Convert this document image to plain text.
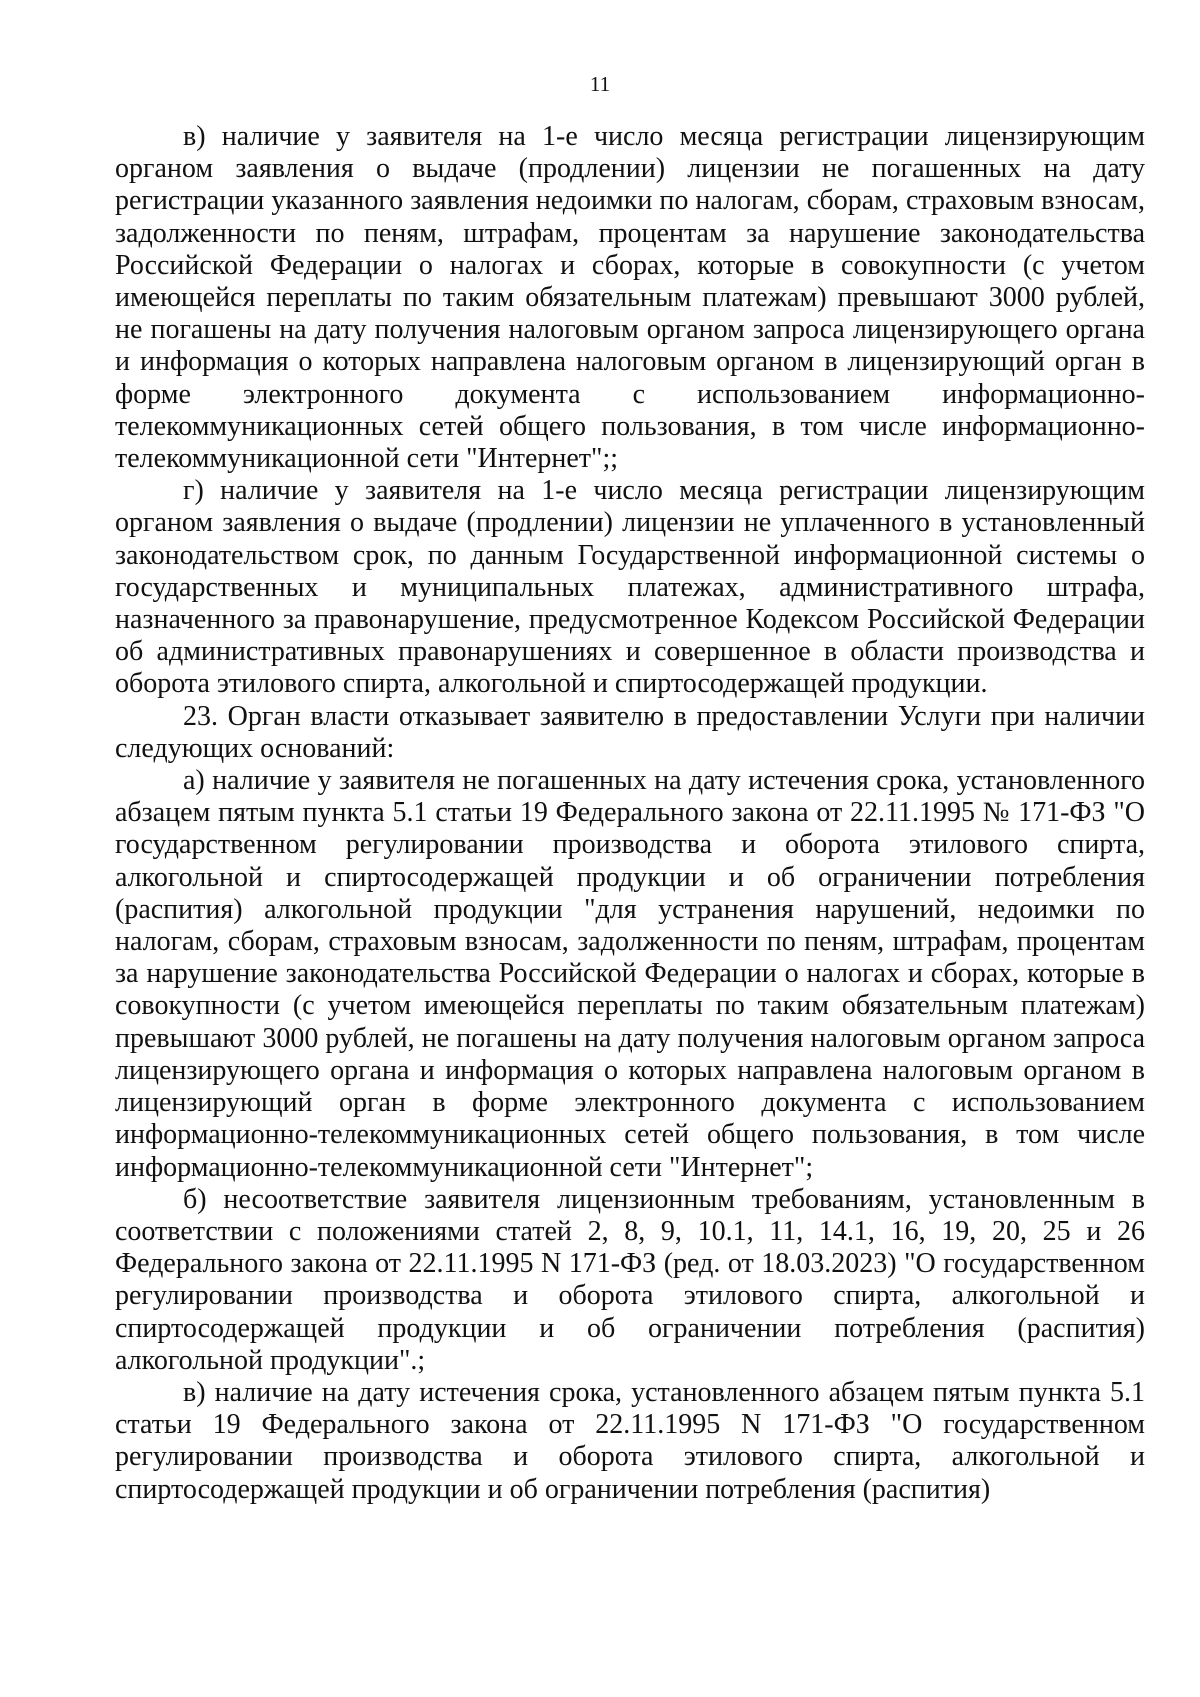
11

в) наличие у заявителя на 1-е число месяца регистрации лицензирующим органом заявления о выдаче (продлении) лицензии не погашенных на дату регистрации указанного заявления недоимки по налогам, сборам, страховым взносам, задолженности по пеням, штрафам, процентам за нарушение законодательства Российской Федерации о налогах и сборах, которые в совокупности (с учетом имеющейся переплаты по таким обязательным платежам) превышают 3000 рублей, не погашены на дату получения налоговым органом запроса лицензирующего органа и информация о которых направлена налоговым органом в лицензирующий орган в форме электронного документа с использованием информационно-телекоммуникационных сетей общего пользования, в том числе информационно-телекоммуникационной сети "Интернет";;

г) наличие у заявителя на 1-е число месяца регистрации лицензирующим органом заявления о выдаче (продлении) лицензии не уплаченного в установленный законодательством срок, по данным Государственной информационной системы о государственных и муниципальных платежах, административного штрафа, назначенного за правонарушение, предусмотренное Кодексом Российской Федерации об административных правонарушениях и совершенное в области производства и оборота этилового спирта, алкогольной и спиртосодержащей продукции.

23. Орган власти отказывает заявителю в предоставлении Услуги при наличии следующих оснований:

а) наличие у заявителя не погашенных на дату истечения срока, установленного абзацем пятым пункта 5.1 статьи 19 Федерального закона от 22.11.1995 № 171-ФЗ "О государственном регулировании производства и оборота этилового спирта, алкогольной и спиртосодержащей продукции и об ограничении потребления (распития) алкогольной продукции "для устранения нарушений, недоимки по налогам, сборам, страховым взносам, задолженности по пеням, штрафам, процентам за нарушение законодательства Российской Федерации о налогах и сборах, которые в совокупности (с учетом имеющейся переплаты по таким обязательным платежам) превышают 3000 рублей, не погашены на дату получения налоговым органом запроса лицензирующего органа и информация о которых направлена налоговым органом в лицензирующий орган в форме электронного документа с использованием информационно-телекоммуникационных сетей общего пользования, в том числе информационно-телекоммуникационной сети "Интернет";

б) несоответствие заявителя лицензионным требованиям, установленным в соответствии с положениями статей 2, 8, 9, 10.1, 11, 14.1, 16, 19, 20, 25 и 26 Федерального закона от 22.11.1995 N 171-ФЗ (ред. от 18.03.2023) "О государственном регулировании производства и оборота этилового спирта, алкогольной и спиртосодержащей продукции и об ограничении потребления (распития) алкогольной продукции".;

в) наличие на дату истечения срока, установленного абзацем пятым пункта 5.1 статьи 19 Федерального закона от 22.11.1995 N 171-ФЗ "О государственном регулировании производства и оборота этилового спирта, алкогольной и спиртосодержащей продукции и об ограничении потребления (распития)
